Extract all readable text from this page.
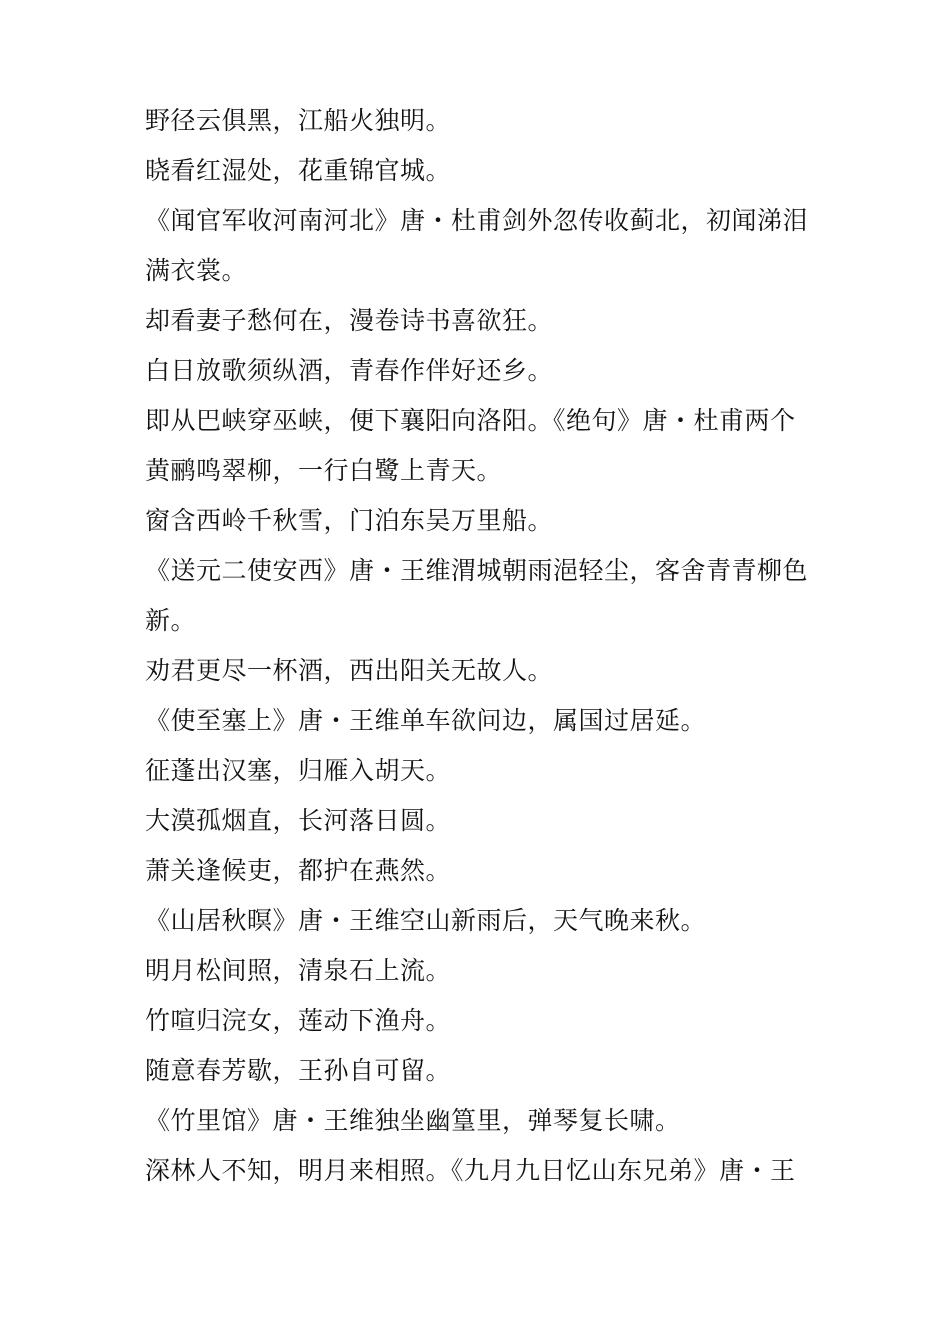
野径云俱黑，江船火独明。
晓看红湿处，花重锦官城。
《闻官军收河南河北》唐・杜甫剑外忽传收蓟北，初闻涕泪
满衣裳。
却看妻子愁何在，漫卷诗书喜欲狂。
白日放歌须纵酒，青春作伴好还乡。
即从巴峡穿巫峡，便下襄阳向洛阳。《绝句》唐・杜甫两个
黄鹂鸣翠柳，一行白鹭上青天。
窗含西岭千秋雪，门泊东吴万里船。
《送元二使安西》唐・王维渭城朝雨浥轻尘，客舍青青柳色
新。
劝君更尽一杯酒，西出阳关无故人。
《使至塞上》唐・王维单车欲问边，属国过居延。
征蓬出汉塞，归雁入胡天。
大漠孤烟直，长河落日圆。
萧关逢候吏，都护在燕然。
《山居秋暝》唐・王维空山新雨后，天气晚来秋。
明月松间照，清泉石上流。
竹喧归浣女，莲动下渔舟。
随意春芳歇，王孙自可留。
《竹里馆》唐・王维独坐幽篁里，弹琴复长啸。
深林人不知，明月来相照。《九月九日忆山东兄弟》唐・王
